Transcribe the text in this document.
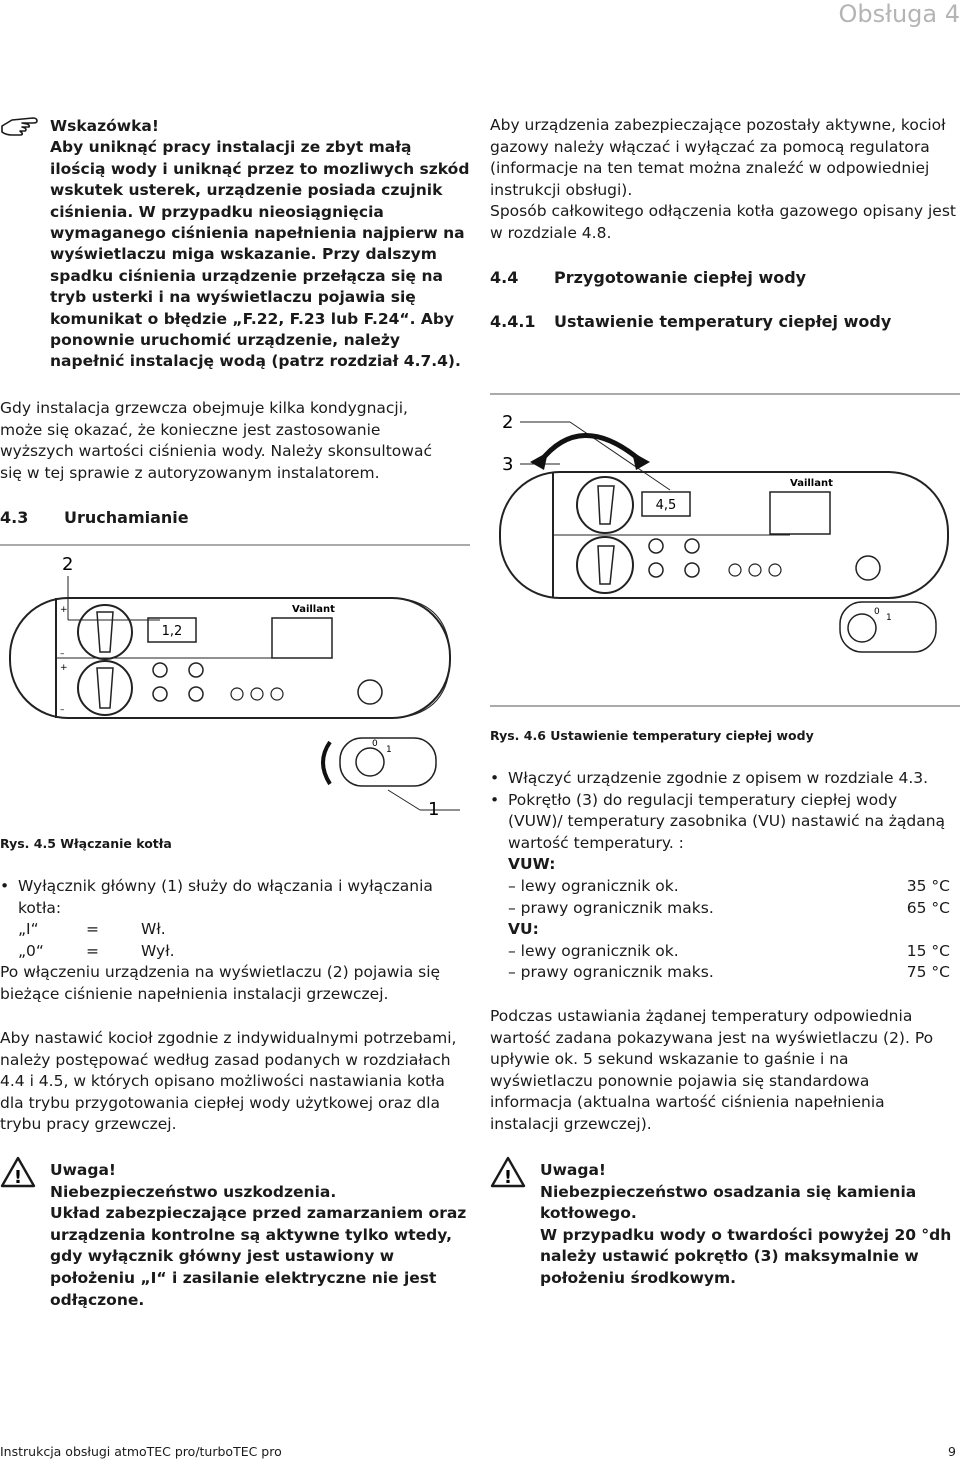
Obsługa 4

Wskazówka!

Aby uniknąć pracy instalacji ze zbyt małą ilością wody i uniknąć przez to mozliwych szkód wskutek usterek, urządzenie posiada czujnik ciśnienia. W przypadku nieosiągnięcia wymaganego ciśnienia napełnienia najpierw na wyświetlaczu miga wskazanie. Przy dalszym spadku ciśnienia urządzenie przełącza się na tryb usterki i na wyświetlaczu pojawia się komunikat o błędzie „F.22, F.23 lub F.24“. Aby ponownie uruchomić urządzenie, należy napełnić instalację wodą (patrz rozdział 4.7.4).

Gdy instalacja grzewcza obejmuje kilka kondygnacji, może się okazać, że konieczne jest zastosowanie wyższych wartości ciśnienia wody. Należy skonsultować się w tej sprawie z autoryzowanym instalatorem.

4.3 Uruchamianie
2
+
–
+
–
1,2
Vaillant
0
1
1
Rys. 4.5 Włączanie kotła
• Wyłącznik główny (1) służy do włączania i wyłączania kotła:
„I“	=	Wł.
„0“	=	Wył.

Po włączeniu urządzenia na wyświetlaczu (2) pojawia się bieżące ciśnienie napełnienia instalacji grzewczej.

Aby nastawić kocioł zgodnie z indywidualnymi potrzebami, należy postępować według zasad podanych w rozdziałach 4.4 i 4.5, w których opisano możliwości nastawiania kotła dla trybu przygotowania ciepłej wody użytkowej oraz dla trybu pracy grzewczej.

! Uwaga!

Niebezpieczeństwo uszkodzenia.

Układ zabezpieczające przed zamarzaniem oraz urządzenia kontrolne są aktywne tylko wtedy, gdy wyłącznik główny jest ustawiony w położeniu „I“ i zasilanie elektryczne nie jest odłączone.

Aby urządzenia zabezpieczające pozostały aktywne, kocioł gazowy należy włączać i wyłączać za pomocą regulatora (informacje na ten temat można znaleźć w odpowiedniej instrukcji obsługi).

Sposób całkowitego odłączenia kotła gazowego opisany jest w rozdziale 4.8.

4.4 Przygotowanie ciepłej wody
4.4.1 Ustawienie temperatury ciepłej wody
2
3
4,5
Vaillant
0
1
Rys. 4.6 Ustawienie temperatury ciepłej wody
• Włączyć urządzenie zgodnie z opisem w rozdziale 4.3.
• Pokrętło (3) do regulacji temperatury ciepłej wody (VUW)/ temperatury zasobnika (VU) nastawić na żądaną wartość temperatury. :
VUW:
– lewy ogranicznik ok.	35 °C
– prawy ogranicznik maks.	65 °C
VU:
– lewy ogranicznik ok.	15 °C
– prawy ogranicznik maks.	75 °C

Podczas ustawiania żądanej temperatury odpowiednia wartość zadana pokazywana jest na wyświetlaczu (2). Po upływie ok. 5 sekund wskazanie to gaśnie i na wyświetlaczu ponownie pojawia się standardowa informacja (aktualna wartość ciśnienia napełnienia instalacji grzewczej).

! Uwaga!

Niebezpieczeństwo osadzania się kamienia kotłowego.

W przypadku wody o twardości powyżej 20 °dh należy ustawić pokrętło (3) maksymalnie w położeniu środkowym.

Instrukcja obsługi atmoTEC pro/turboTEC pro	9
